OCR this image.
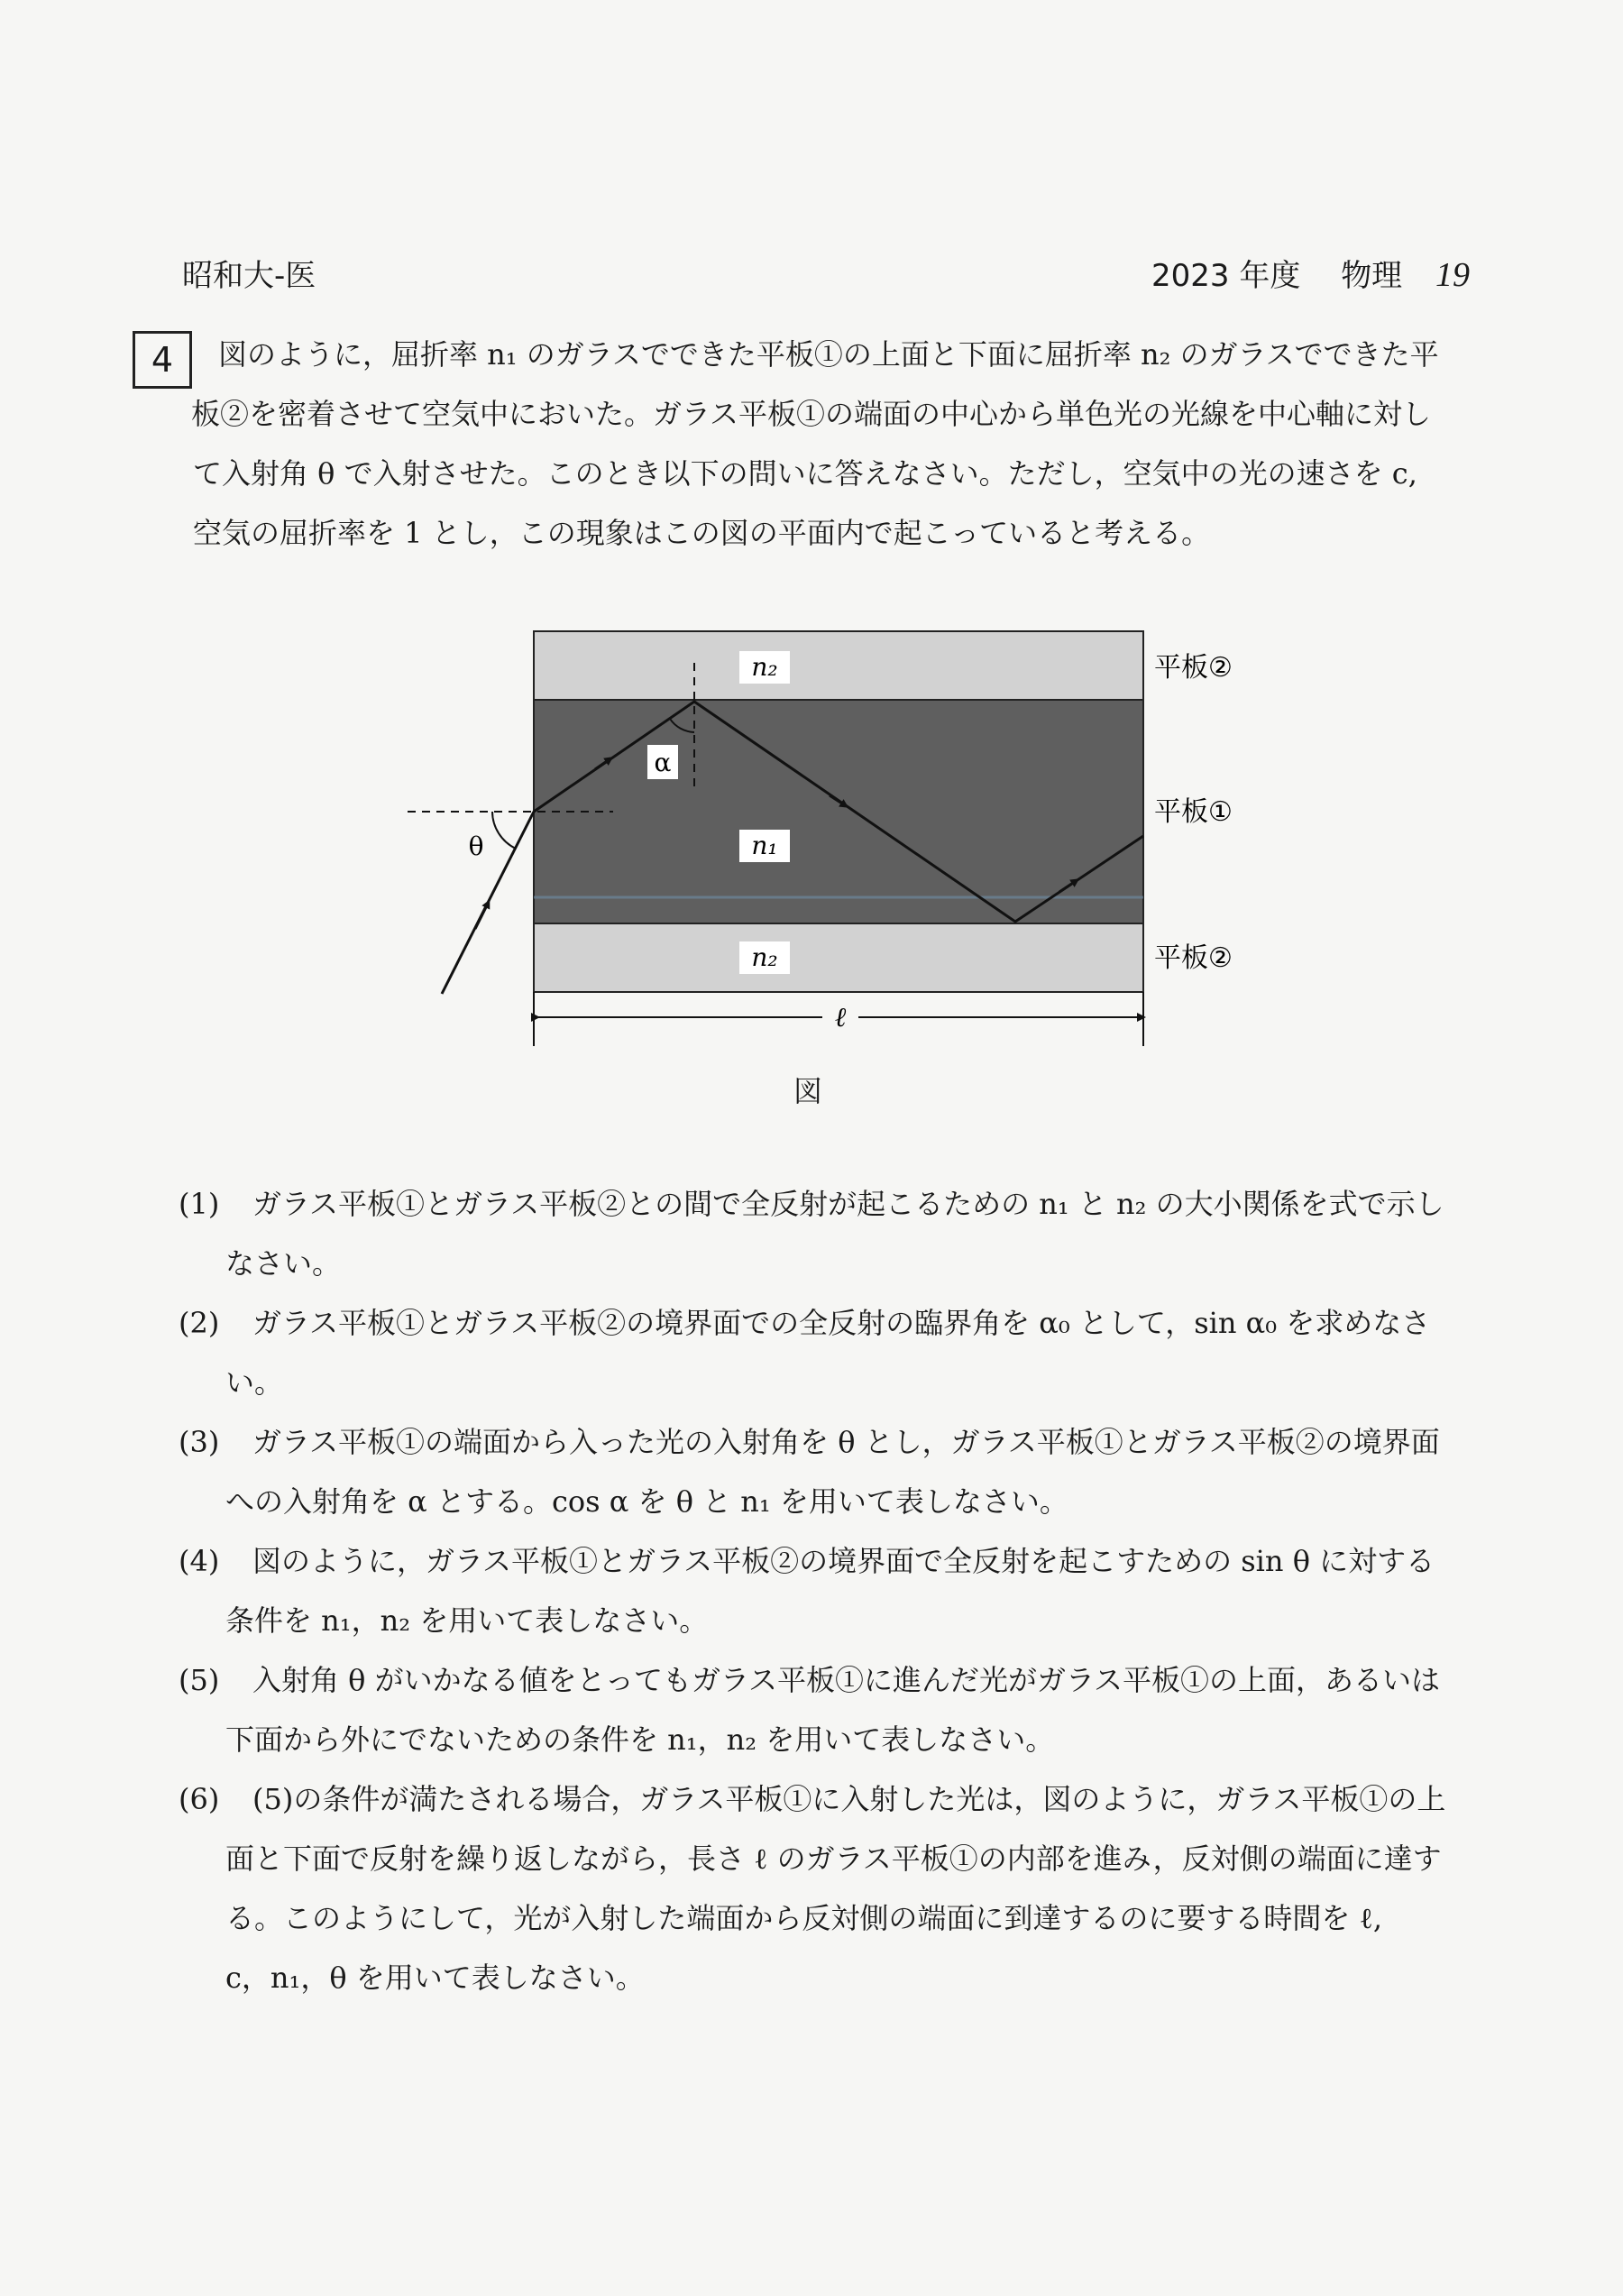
昭和大-医	2023 年度 物理 19
4	図のように，屈折率 n₁ のガラスでできた平板①の上面と下面に屈折率 n₂ のガラスでできた平

板②を密着させて空気中においた。ガラス平板①の端面の中心から単色光の光線を中心軸に対し

て入射角 θ で入射させた。このとき以下の問いに答えなさい。ただし，空気中の光の速さを c,

空気の屈折率を 1 とし，この現象はこの図の平面内で起こっていると考える。

n₂
n₁
n₂
α
θ
平板②
平板①
平板②
ℓ
図
(1) ガラス平板①とガラス平板②との間で全反射が起こるための n₁ と n₂ の大小関係を式で示し

なさい。

(2) ガラス平板①とガラス平板②の境界面での全反射の臨界角を α₀ として，sin α₀ を求めなさ

い。

(3) ガラス平板①の端面から入った光の入射角を θ とし，ガラス平板①とガラス平板②の境界面

への入射角を α とする。cos α を θ と n₁ を用いて表しなさい。

(4) 図のように，ガラス平板①とガラス平板②の境界面で全反射を起こすための sin θ に対する

条件を n₁，n₂ を用いて表しなさい。

(5) 入射角 θ がいかなる値をとってもガラス平板①に進んだ光がガラス平板①の上面，あるいは

下面から外にでないための条件を n₁，n₂ を用いて表しなさい。

(6) (5)の条件が満たされる場合，ガラス平板①に入射した光は，図のように，ガラス平板①の上

面と下面で反射を繰り返しながら，長さ ℓ のガラス平板①の内部を進み，反対側の端面に達す

る。このようにして，光が入射した端面から反対側の端面に到達するのに要する時間を ℓ,

c，n₁，θ を用いて表しなさい。
